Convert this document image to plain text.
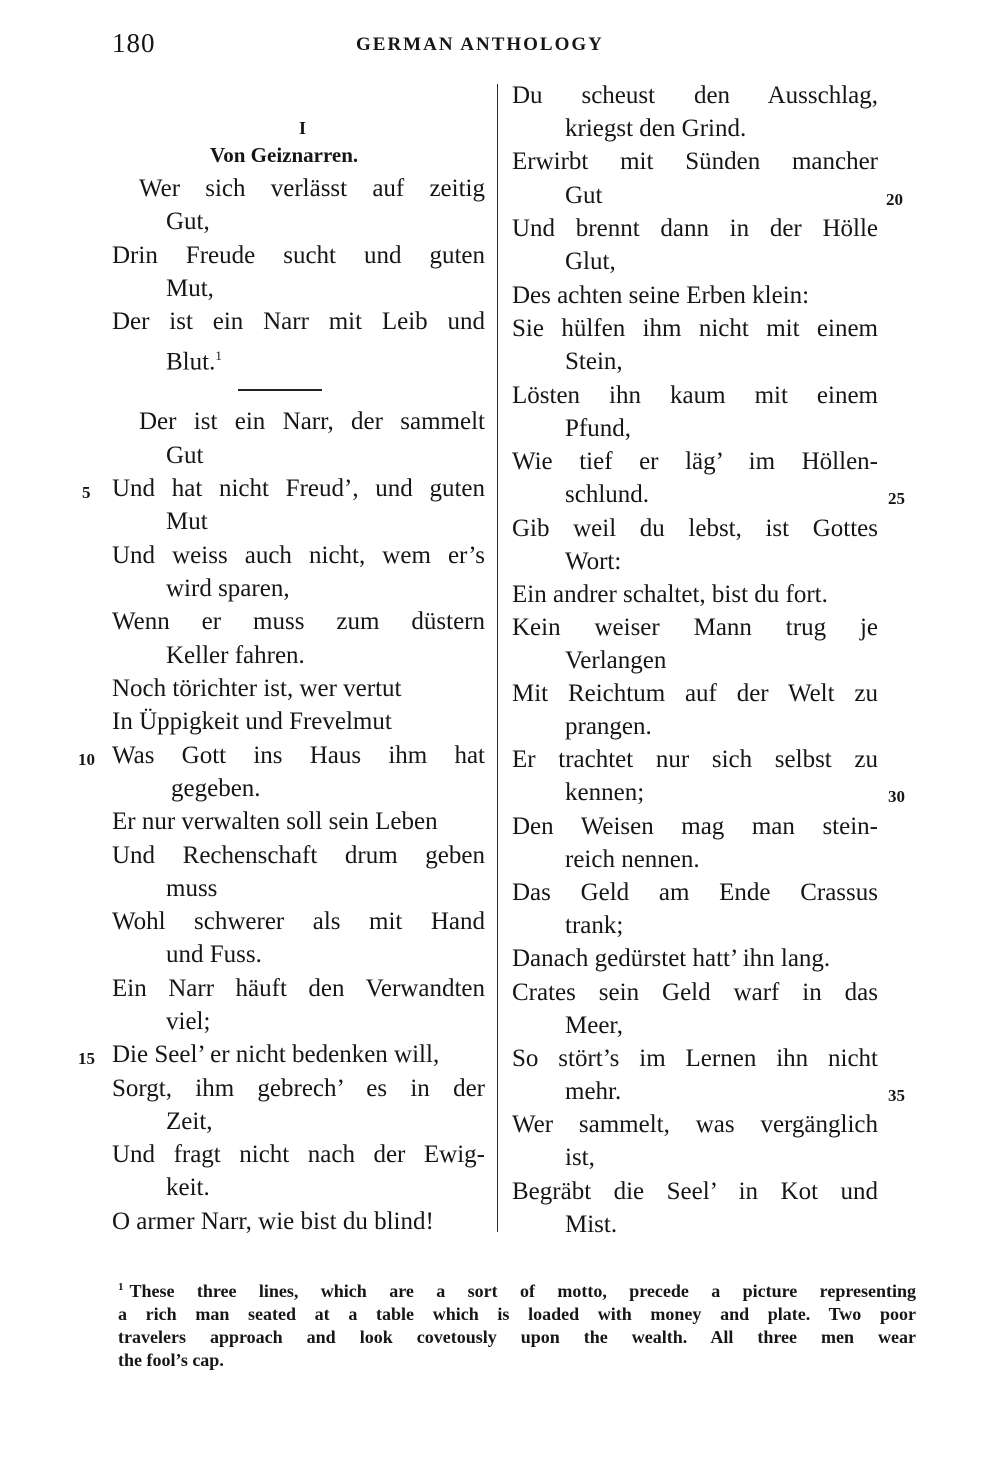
180	GERMAN ANTHOLOGY
I
Von Geiznarren.
Wer sich verlässt auf zeitig
Gut,
Drin Freude sucht und guten
Mut,
Der ist ein Narr mit Leib und
Blut.$^1$
Der ist ein Narr, der sammelt
Gut
Und hat nicht Freud’, und guten
Mut
Und weiss auch nicht, wem er’s
wird sparen,
Wenn er muss zum düstern
Keller fahren.
Noch törichter ist, wer vertut
In Üppigkeit und Frevelmut
Was Gott ins Haus ihm hat
gegeben.
Er nur verwalten soll sein Leben
Und Rechenschaft drum geben
muss
Wohl schwerer als mit Hand
und Fuss.
Ein Narr häuft den Verwandten
viel;
Die Seel’ er nicht bedenken will,
Sorgt, ihm gebrech’ es in der
Zeit,
Und fragt nicht nach der Ewig-
keit.
O armer Narr, wie bist du blind!
5
10
15
Du scheust den Ausschlag,
kriegst den Grind.
Erwirbt mit Sünden mancher
Gut
Und brennt dann in der Hölle
Glut,
Des achten seine Erben klein:
Sie hülfen ihm nicht mit einem
Stein,
Lösten ihn kaum mit einem
Pfund,
Wie tief er läg’ im Höllen-
schlund.
Gib weil du lebst, ist Gottes
Wort:
Ein andrer schaltet, bist du fort.
Kein weiser Mann trug je
Verlangen
Mit Reichtum auf der Welt zu
prangen.
Er trachtet nur sich selbst zu
kennen;
Den Weisen mag man stein-
reich nennen.
Das Geld am Ende Crassus
trank;
Danach gedürstet hatt’ ihn lang.
Crates sein Geld warf in das
Meer,
So stört’s im Lernen ihn nicht
mehr.
Wer sammelt, was vergänglich
ist,
Begräbt die Seel’ in Kot und
Mist.
20
25
30
35
$^1$ These three lines, which are a sort of motto, precede a picture representing
a rich man seated at a table which is loaded with money and plate. Two poor
travelers approach and look covetously upon the wealth. All three men wear
the fool’s cap.
